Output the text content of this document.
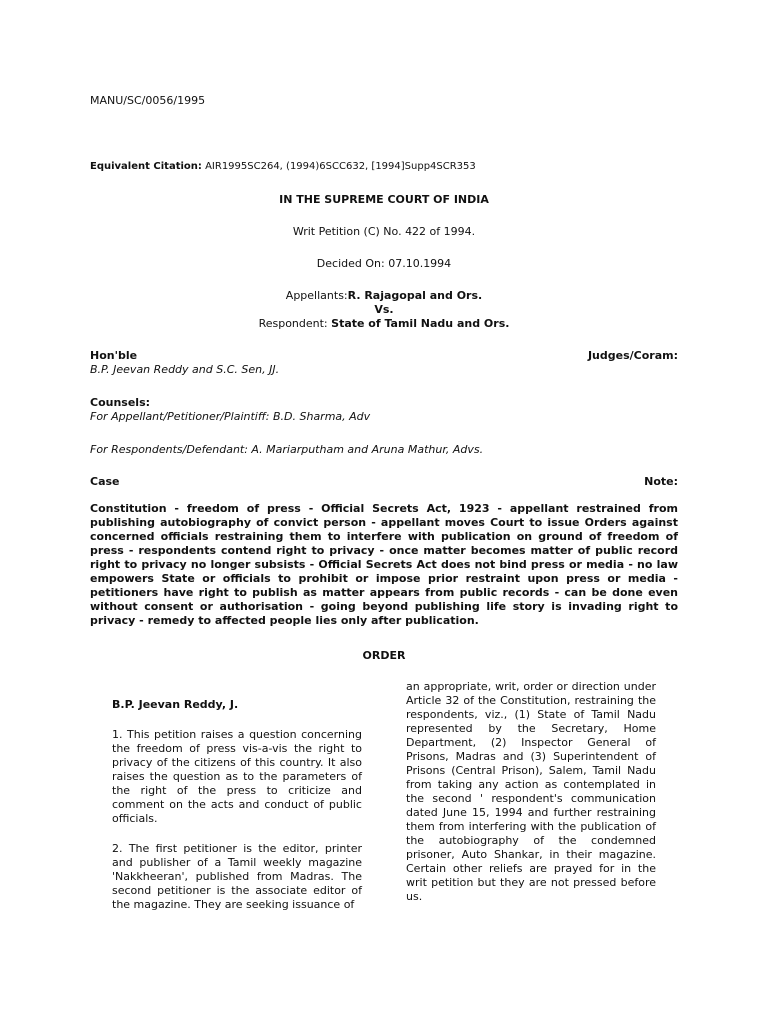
MANU/SC/0056/1995
Equivalent Citation: AIR1995SC264, (1994)6SCC632, [1994]Supp4SCR353
IN THE SUPREME COURT OF INDIA
Writ Petition (C) No. 422 of 1994.
Decided On: 07.10.1994
Appellants:R. Rajagopal and Ors.
Vs.
Respondent: State of Tamil Nadu and Ors.
Hon'ble	Judges/Coram:
B.P. Jeevan Reddy and S.C. Sen, JJ.
Counsels:
For Appellant/Petitioner/Plaintiff: B.D. Sharma, Adv
For Respondents/Defendant: A. Mariarputham and Aruna Mathur, Advs.
Case	Note:
Constitution - freedom of press - Official Secrets Act, 1923 - appellant restrained from publishing autobiography of convict person - appellant moves Court to issue Orders against concerned officials restraining them to interfere with publication on ground of freedom of press - respondents contend right to privacy - once matter becomes matter of public record right to privacy no longer subsists - Official Secrets Act does not bind press or media - no law empowers State or officials to prohibit or impose prior restraint upon press or media - petitioners have right to publish as matter appears from public records - can be done even without consent or authorisation - going beyond publishing life story is invading right to privacy - remedy to affected people lies only after publication.
ORDER
B.P. Jeevan Reddy, J.

1. This petition raises a question concerning the freedom of press vis-a-vis the right to privacy of the citizens of this country. It also raises the question as to the parameters of the right of the press to criticize and comment on the acts and conduct of public officials.

2. The first petitioner is the editor, printer and publisher of a Tamil weekly magazine 'Nakkheeran', published from Madras. The second petitioner is the associate editor of the magazine. They are seeking issuance of

an appropriate, writ, order or direction under Article 32 of the Constitution, restraining the respondents, viz., (1) State of Tamil Nadu represented by the Secretary, Home Department, (2) Inspector General of Prisons, Madras and (3) Superintendent of Prisons (Central Prison), Salem, Tamil Nadu from taking any action as contemplated in the second ' respondent's communication dated June 15, 1994 and further restraining them from interfering with the publication of the autobiography of the condemned prisoner, Auto Shankar, in their magazine. Certain other reliefs are prayed for in the writ petition but they are not pressed before us.
